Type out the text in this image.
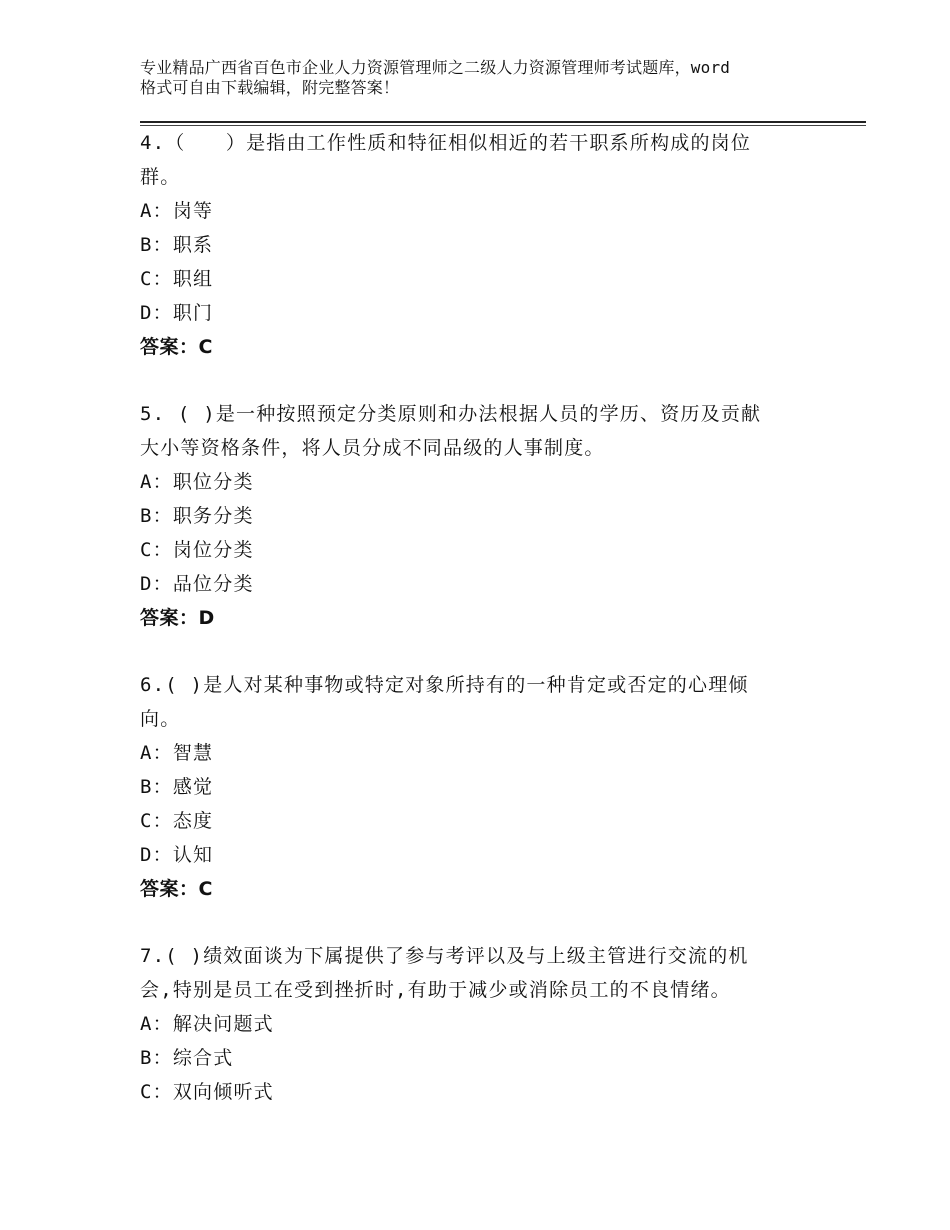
专业精品广西省百色市企业人力资源管理师之二级人力资源管理师考试题库，word
格式可自由下载编辑，附完整答案！
4.（　　）是指由工作性质和特征相似相近的若干职系所构成的岗位
群。
A：岗等
B：职系
C：职组
D：职门
答案：C
5. ( )是一种按照预定分类原则和办法根据人员的学历、资历及贡献
大小等资格条件，将人员分成不同品级的人事制度。
A：职位分类
B：职务分类
C：岗位分类
D：品位分类
答案：D
6.( )是人对某种事物或特定对象所持有的一种肯定或否定的心理倾
向。
A：智慧
B：感觉
C：态度
D：认知
答案：C
7.( )绩效面谈为下属提供了参与考评以及与上级主管进行交流的机
会,特别是员工在受到挫折时,有助于减少或消除员工的不良情绪。
A：解决问题式
B：综合式
C：双向倾听式
